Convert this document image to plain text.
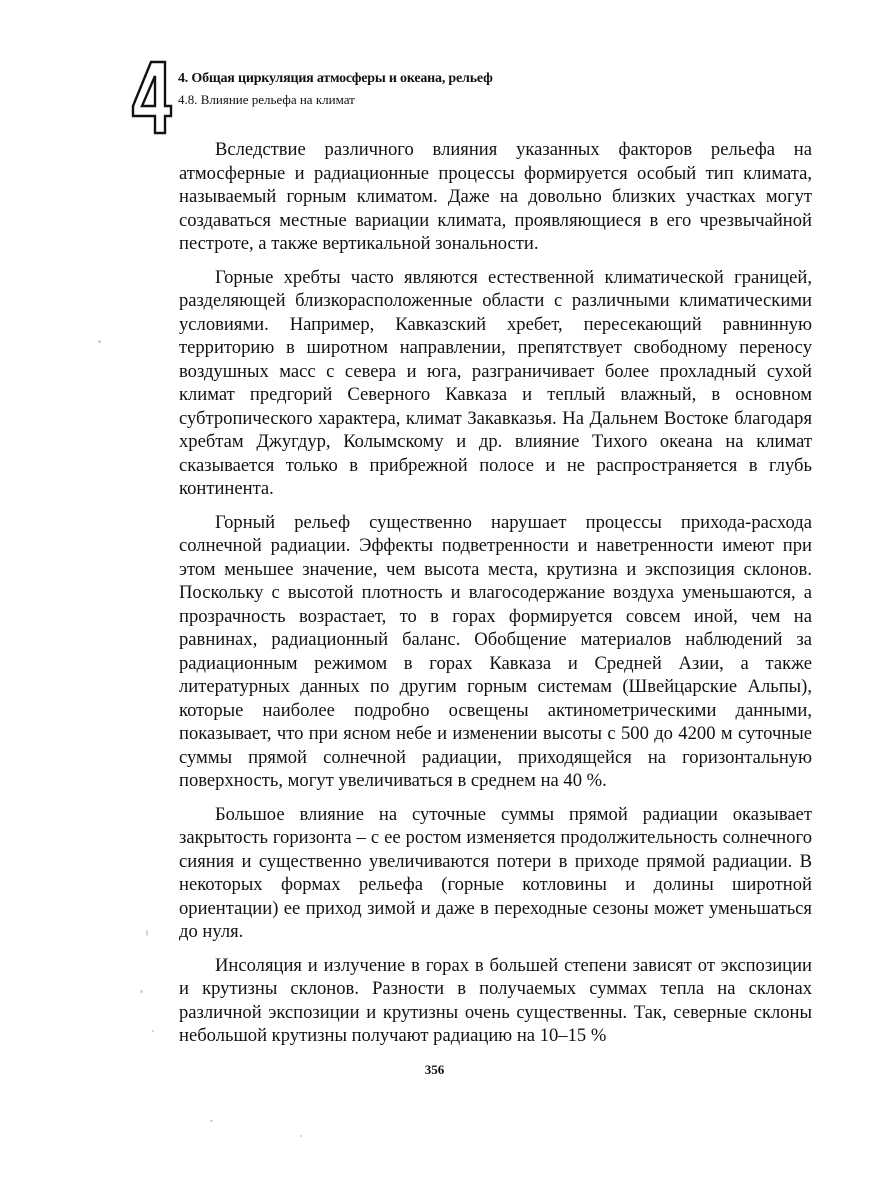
4. Общая циркуляция атмосферы и океана, рельеф
4.8. Влияние рельефа на климат

Вследствие различного влияния указанных факторов рельефа на атмосферные и радиационные процессы формируется особый тип климата, называемый горным климатом. Даже на довольно близких участках могут создаваться местные вариации климата, проявляющиеся в его чрезвычайной пестроте, а также вертикальной зональности.

Горные хребты часто являются естественной климатической границей, разделяющей близкорасположенные области с различными климатическими условиями. Например, Кавказский хребет, пересекающий равнинную территорию в широтном направлении, препятствует свободному переносу воздушных масс с севера и юга, разграничивает более прохладный сухой климат предгорий Северного Кавказа и теплый влажный, в основном субтропического характера, климат Закавказья. На Дальнем Востоке благодаря хребтам Джугдур, Колымскому и др. влияние Тихого океана на климат сказывается только в прибрежной полосе и не распространяется в глубь континента.

Горный рельеф существенно нарушает процессы прихода-расхода солнечной радиации. Эффекты подветренности и наветренности имеют при этом меньшее значение, чем высота места, крутизна и экспозиция склонов. Поскольку с высотой плотность и влагосодержание воздуха уменьшаются, а прозрачность возрастает, то в горах формируется совсем иной, чем на равнинах, радиационный баланс. Обобщение материалов наблюдений за радиационным режимом в горах Кавказа и Средней Азии, а также литературных данных по другим горным системам (Швейцарские Альпы), которые наиболее подробно освещены актинометрическими данными, показывает, что при ясном небе и изменении высоты с 500 до 4200 м суточные суммы прямой солнечной радиации, приходящейся на горизонтальную поверхность, могут увеличиваться в среднем на 40 %.

Большое влияние на суточные суммы прямой радиации оказывает закрытость горизонта – с ее ростом изменяется продолжительность солнечного сияния и существенно увеличиваются потери в приходе прямой радиации. В некоторых формах рельефа (горные котловины и долины широтной ориентации) ее приход зимой и даже в переходные сезоны может уменьшаться до нуля.

Инсоляция и излучение в горах в большей степени зависят от экспозиции и крутизны склонов. Разности в получаемых суммах тепла на склонах различной экспозиции и крутизны очень существенны. Так, северные склоны небольшой крутизны получают радиацию на 10–15 %

356
